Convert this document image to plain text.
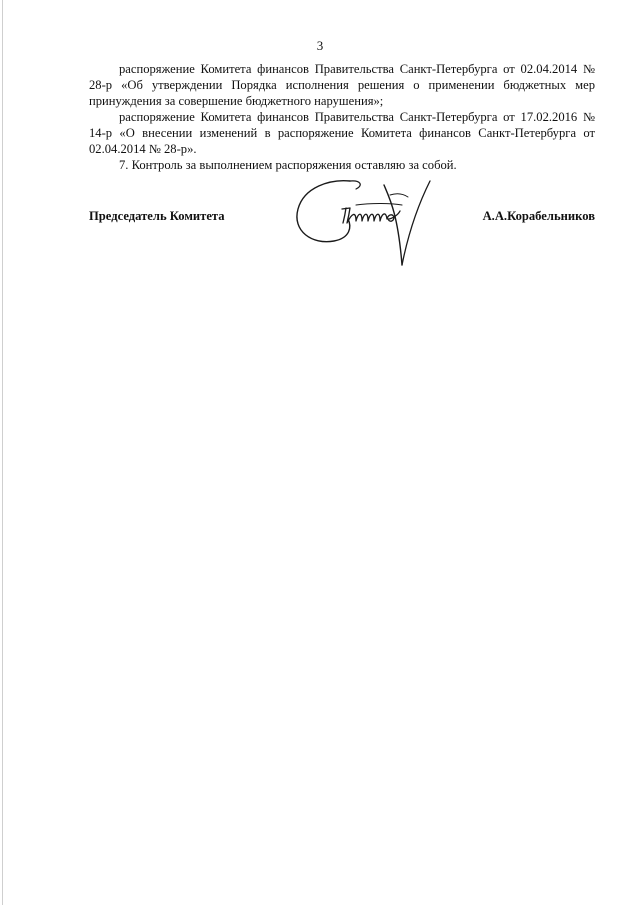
3

распоряжение Комитета финансов Правительства Санкт-Петербурга от 02.04.2014 № 28-р «Об утверждении Порядка исполнения решения о применении бюджетных мер принуждения за совершение бюджетного нарушения»;

распоряжение Комитета финансов Правительства Санкт-Петербурга от 17.02.2016 № 14-р «О внесении изменений в распоряжение Комитета финансов Санкт-Петербурга от 02.04.2014 № 28-р».

7. Контроль за выполнением распоряжения оставляю за собой.

Председатель Комитета	А.А.Корабельников
